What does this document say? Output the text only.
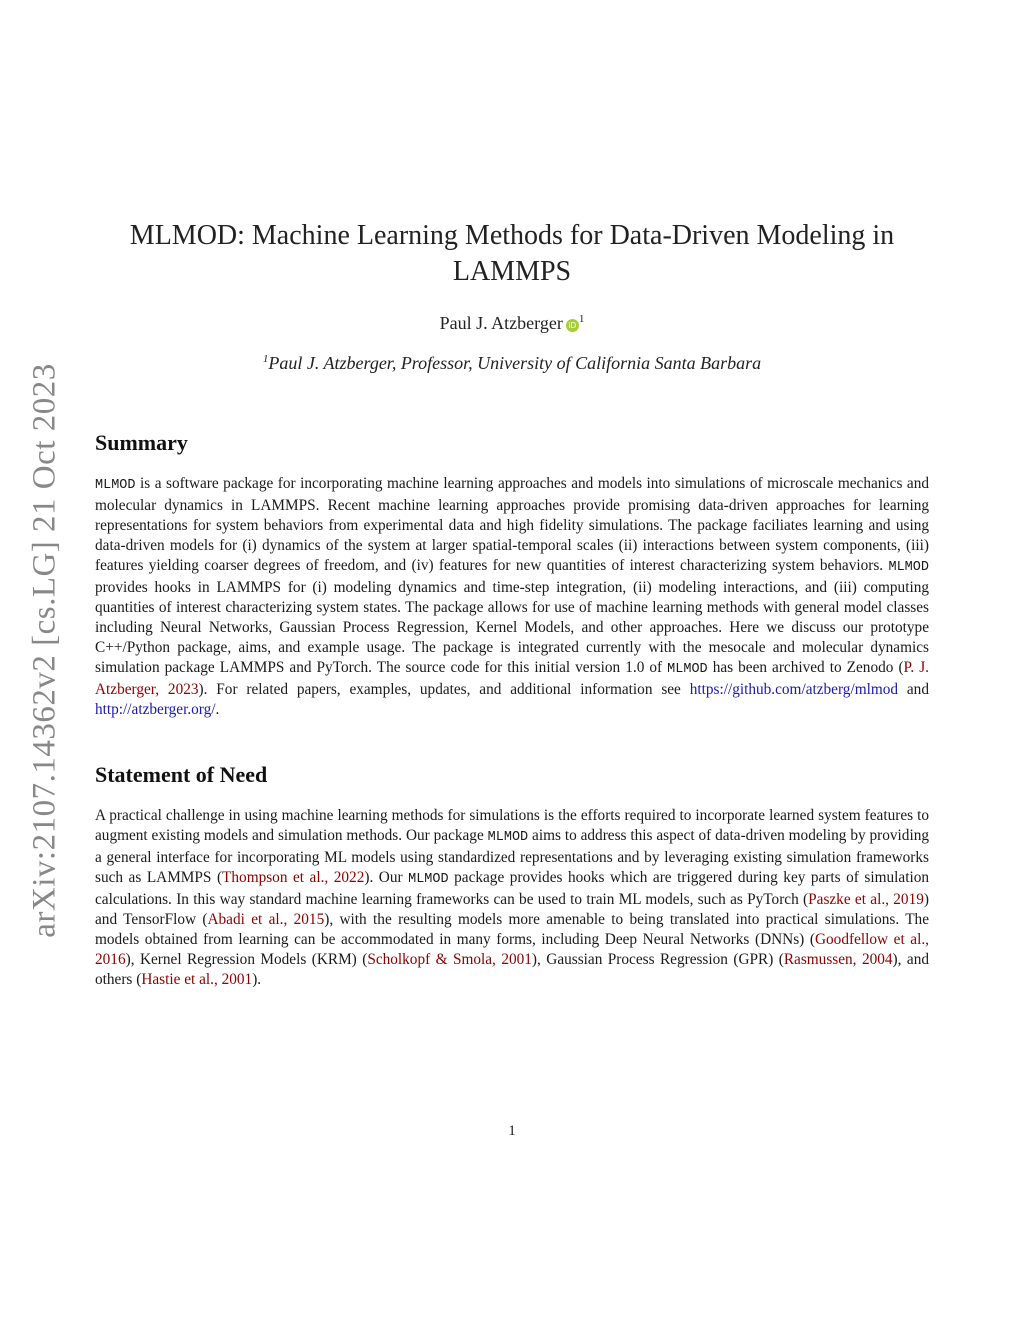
arXiv:2107.14362v2 [cs.LG] 21 Oct 2023
MLMOD: Machine Learning Methods for Data-Driven Modeling in LAMMPS
Paul J. Atzberger $iD^1$
$^1$Paul J. Atzberger, Professor, University of California Santa Barbara
Summary

MLMOD is a software package for incorporating machine learning approaches and models into simulations of microscale mechanics and molecular dynamics in LAMMPS. Recent machine learning approaches provide promising data-driven approaches for learning representations for system behaviors from experimental data and high fidelity simulations. The package faciliates learning and using data-driven models for (i) dynamics of the system at larger spatial-temporal scales (ii) interactions between system components, (iii) features yielding coarser degrees of freedom, and (iv) features for new quantities of interest characterizing system behaviors. MLMOD provides hooks in LAMMPS for (i) modeling dynamics and time-step integration, (ii) modeling interactions, and (iii) computing quantities of interest characterizing system states. The package allows for use of machine learning methods with general model classes including Neural Networks, Gaussian Process Regression, Kernel Models, and other approaches. Here we discuss our prototype C++/Python package, aims, and example usage. The package is integrated currently with the mesocale and molecular dynamics simulation package LAMMPS and PyTorch. The source code for this initial version 1.0 of MLMOD has been archived to Zenodo (P. J. Atzberger, 2023). For related papers, examples, updates, and additional information see https://github.com/atzberg/mlmod and http://atzberger.org/.

Statement of Need

A practical challenge in using machine learning methods for simulations is the efforts required to incorporate learned system features to augment existing models and simulation methods. Our package MLMOD aims to address this aspect of data-driven modeling by providing a general interface for incorporating ML models using standardized representations and by leveraging existing simulation frameworks such as LAMMPS (Thompson et al., 2022). Our MLMOD package provides hooks which are triggered during key parts of simulation calculations. In this way standard machine learning frameworks can be used to train ML models, such as PyTorch (Paszke et al., 2019) and TensorFlow (Abadi et al., 2015), with the resulting models more amenable to being translated into practical simulations. The models obtained from learning can be accommodated in many forms, including Deep Neural Networks (DNNs) (Goodfellow et al., 2016), Kernel Regression Models (KRM) (Scholkopf & Smola, 2001), Gaussian Process Regression (GPR) (Rasmussen, 2004), and others (Hastie et al., 2001).

1
